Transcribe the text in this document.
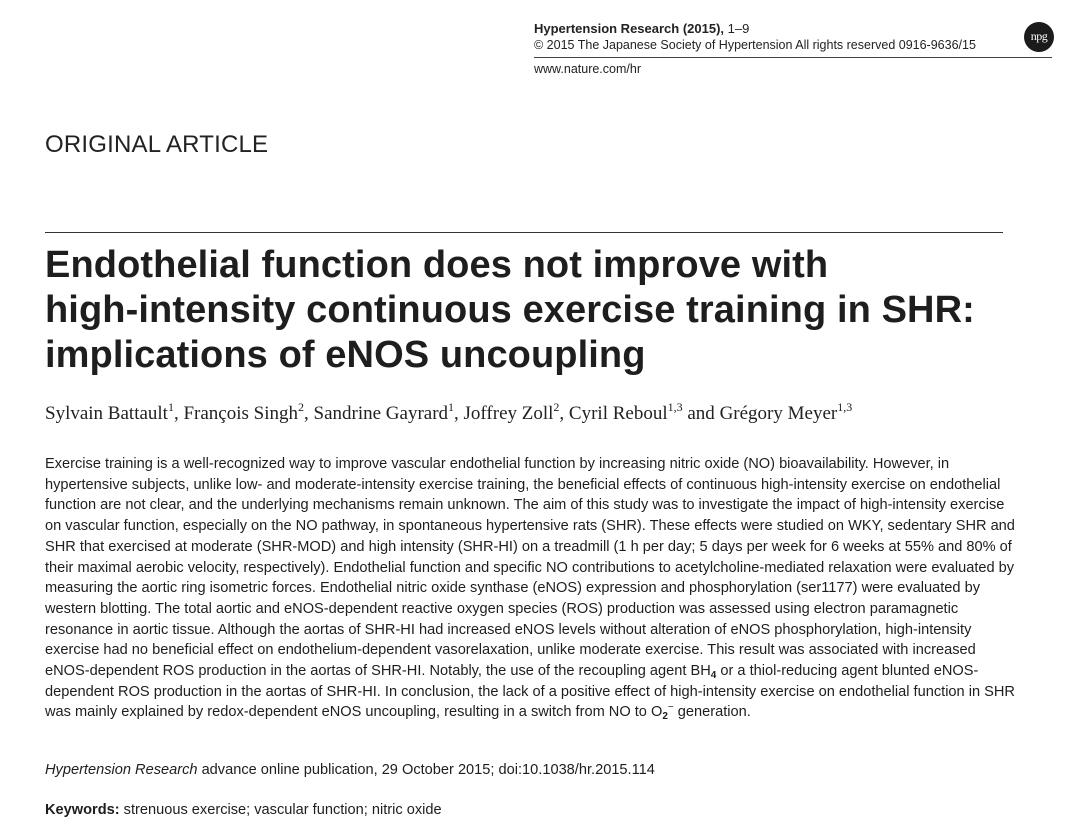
Hypertension Research (2015), 1–9
© 2015 The Japanese Society of Hypertension All rights reserved 0916-9636/15
www.nature.com/hr
npg
ORIGINAL ARTICLE
Endothelial function does not improve with
high-intensity continuous exercise training in SHR:
implications of eNOS uncoupling
Sylvain Battault$^1$, François Singh$^2$, Sandrine Gayrard$^1$, Joffrey Zoll$^2$, Cyril Reboul$^{1,3}$ and Grégory Meyer$^{1,3}$

Exercise training is a well-recognized way to improve vascular endothelial function by increasing nitric oxide (NO) bioavailability. However, in hypertensive subjects, unlike low- and moderate-intensity exercise training, the beneficial effects of continuous high-intensity exercise on endothelial function are not clear, and the underlying mechanisms remain unknown. The aim of this study was to investigate the impact of high-intensity exercise on vascular function, especially on the NO pathway, in spontaneous hypertensive rats (SHR). These effects were studied on WKY, sedentary SHR and SHR that exercised at moderate (SHR-MOD) and high intensity (SHR-HI) on a treadmill (1 h per day; 5 days per week for 6 weeks at 55% and 80% of their maximal aerobic velocity, respectively). Endothelial function and specific NO contributions to acetylcholine-mediated relaxation were evaluated by measuring the aortic ring isometric forces. Endothelial nitric oxide synthase (eNOS) expression and phosphorylation (ser1177) were evaluated by western blotting. The total aortic and eNOS-dependent reactive oxygen species (ROS) production was assessed using electron paramagnetic resonance in aortic tissue. Although the aortas of SHR-HI had increased eNOS levels without alteration of eNOS phosphorylation, high-intensity exercise had no beneficial effect on endothelium-dependent vasorelaxation, unlike moderate exercise. This result was associated with increased eNOS-dependent ROS production in the aortas of SHR-HI. Notably, the use of the recoupling agent $BH_4$ or a thiol-reducing agent blunted eNOS-dependent ROS production in the aortas of SHR-HI. In conclusion, the lack of a positive effect of high-intensity exercise on endothelial function in SHR was mainly explained by redox-dependent eNOS uncoupling, resulting in a switch from NO to $O_2^-$ generation.

Hypertension Research advance online publication, 29 October 2015; doi:10.1038/hr.2015.114
Keywords: strenuous exercise; vascular function; nitric oxide
